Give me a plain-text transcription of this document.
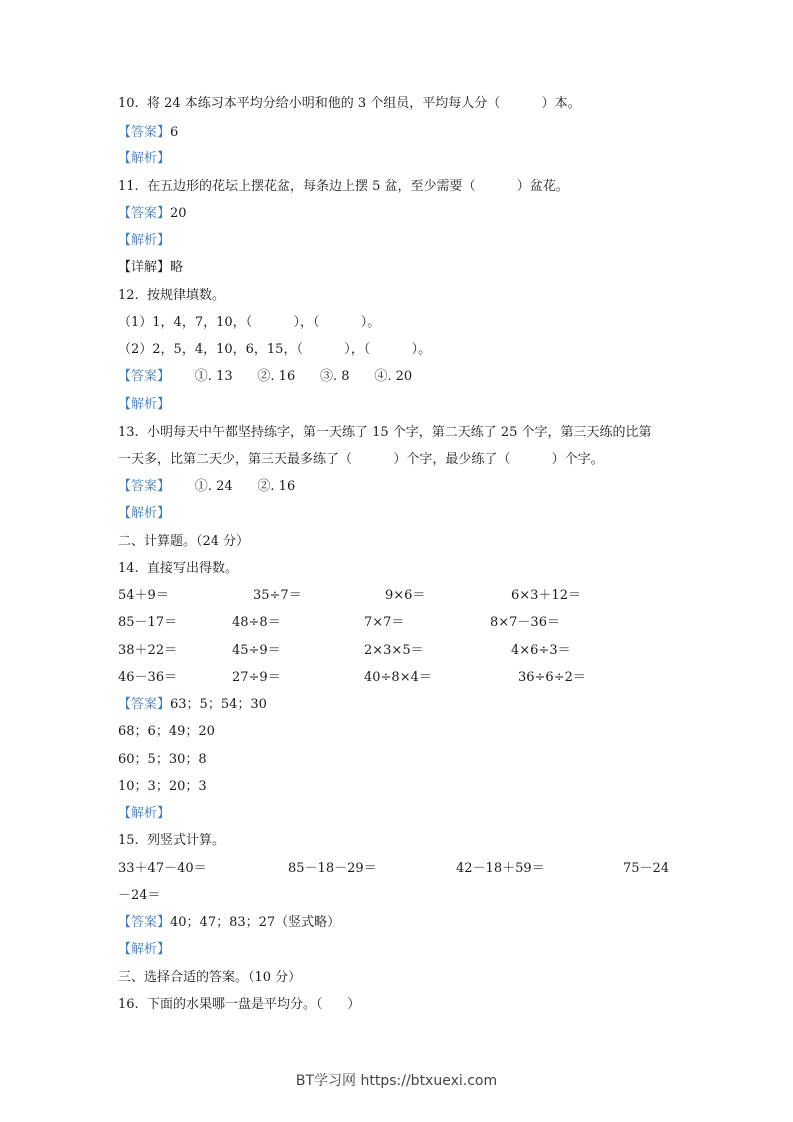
10.  将 24 本练习本平均分给小明和他的 3 个组员，平均每人分（          ）本。
【答案】6
【解析】
11.  在五边形的花坛上摆花盆，每条边上摆 5 盆，至少需要（          ）盆花。
【答案】20
【解析】
【详解】略
12.  按规律填数。
（1）1，4，7，10，（          ），（          ）。
（2）2，5，4，10，6，15，（          ），（          ）。
【答案】      ①. 13      ②. 16      ③. 8      ④. 20
【解析】
13.  小明每天中午都坚持练字，第一天练了 15 个字，第二天练了 25 个字，第三天练的比第
一天多，比第二天少，第三天最多练了（          ）个字，最少练了（          ）个字。
【答案】      ①. 24      ②. 16
【解析】
二、计算题。（24 分）
14.  直接写出得数。
54＋9＝	35÷7＝	9×6＝	6×3＋12＝
85－17＝	48÷8＝	7×7＝	8×7－36＝
38＋22＝	45÷9＝	2×3×5＝	4×6÷3＝
46－36＝	27÷9＝	40÷8×4＝	36÷6÷2＝
【答案】63；5；54；30
68；6；49；20
60；5；30；8
10；3；20；3
【解析】
15.  列竖式计算。
33＋47－40＝	85－18－29＝	42－18＋59＝	75－24
－24＝
【答案】40；47；83；27（竖式略）
【解析】
三、选择合适的答案。（10 分）
16.  下面的水果哪一盘是平均分。（      ）
BT学习网 https://btxuexi.com
